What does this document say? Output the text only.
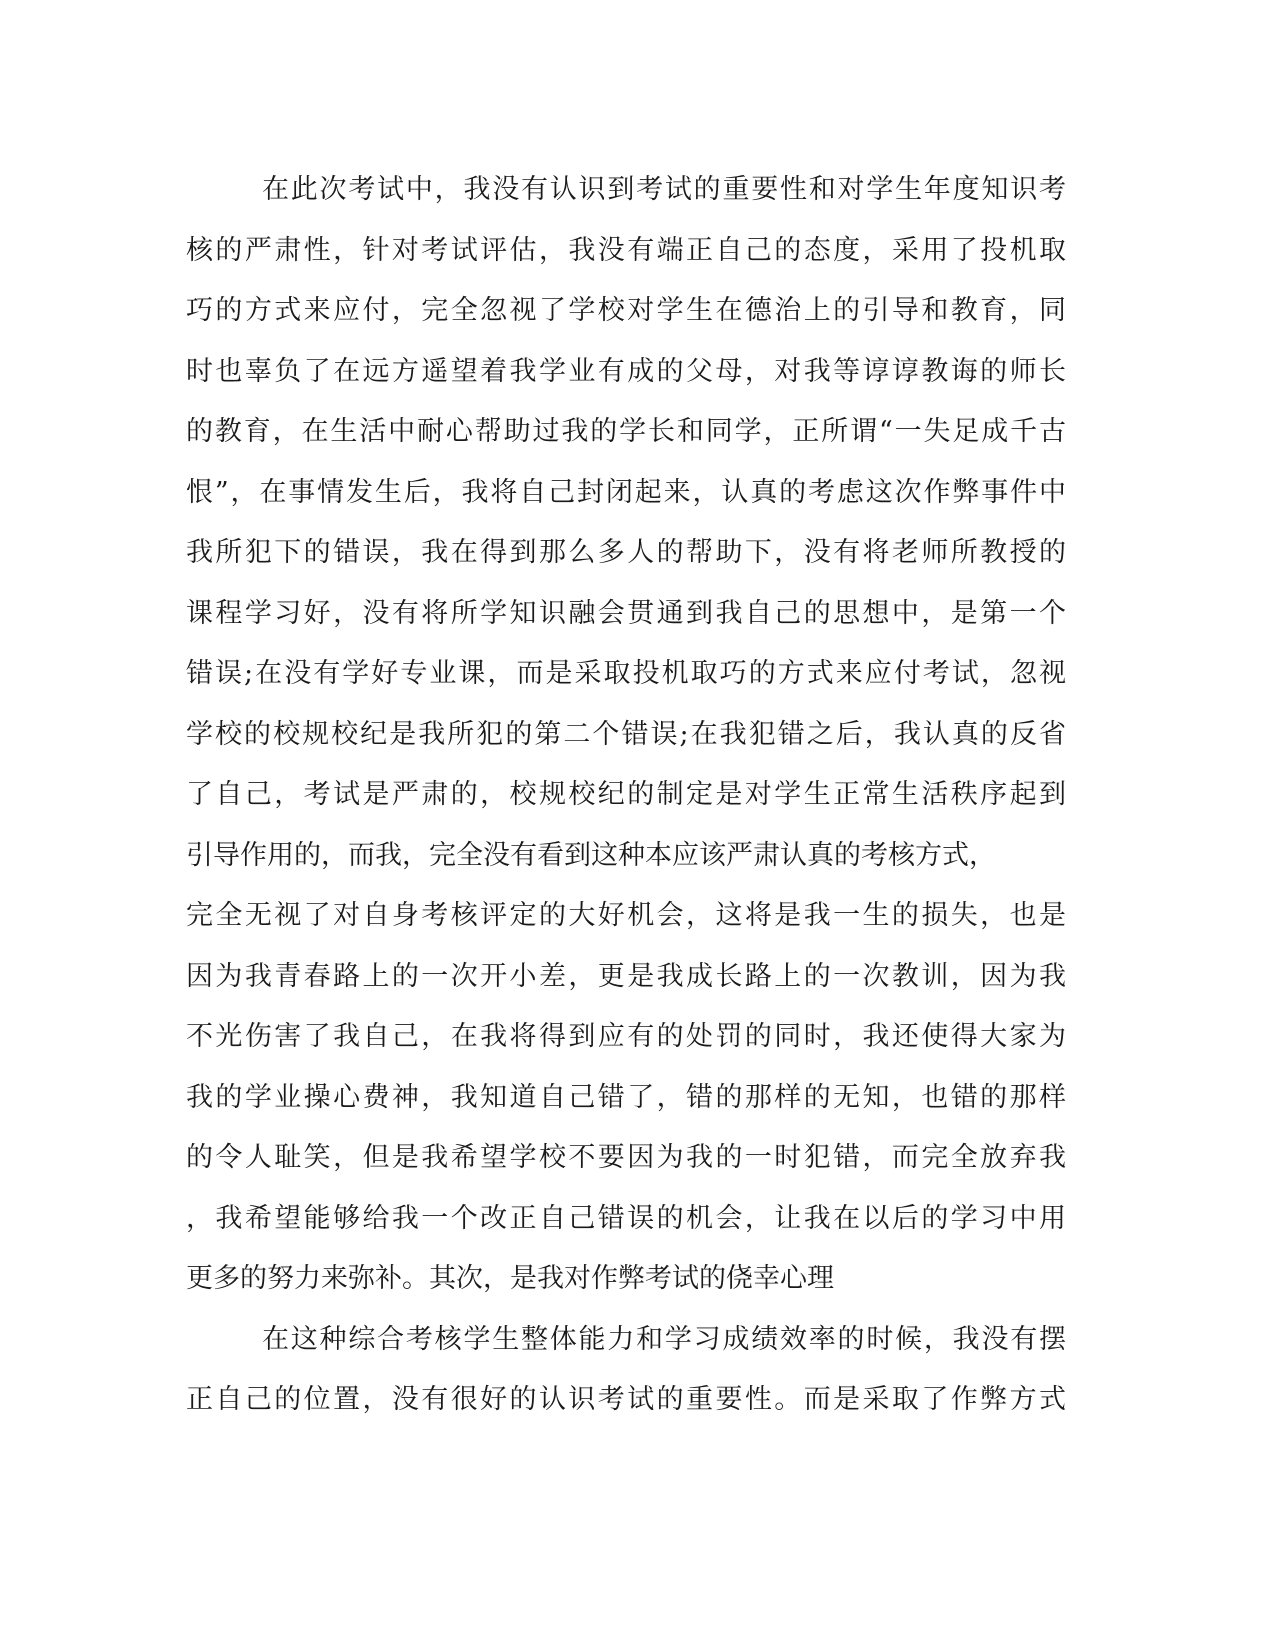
在此次考试中，我没有认识到考试的重要性和对学生年度知识考
核的严肃性，针对考试评估，我没有端正自己的态度，采用了投机取
巧的方式来应付，完全忽视了学校对学生在德治上的引导和教育，同
时也辜负了在远方遥望着我学业有成的父母，对我等谆谆教诲的师长
的教育，在生活中耐心帮助过我的学长和同学，正所谓“一失足成千古
恨”，在事情发生后，我将自己封闭起来，认真的考虑这次作弊事件中
我所犯下的错误，我在得到那么多人的帮助下，没有将老师所教授的
课程学习好，没有将所学知识融会贯通到我自己的思想中，是第一个
错误;在没有学好专业课，而是采取投机取巧的方式来应付考试，忽视
学校的校规校纪是我所犯的第二个错误;在我犯错之后，我认真的反省
了自己，考试是严肃的，校规校纪的制定是对学生正常生活秩序起到
引导作用的，而我，完全没有看到这种本应该严肃认真的考核方式，
完全无视了对自身考核评定的大好机会，这将是我一生的损失，也是
因为我青春路上的一次开小差，更是我成长路上的一次教训，因为我
不光伤害了我自己，在我将得到应有的处罚的同时，我还使得大家为
我的学业操心费神，我知道自己错了，错的那样的无知，也错的那样
的令人耻笑，但是我希望学校不要因为我的一时犯错，而完全放弃我
，我希望能够给我一个改正自己错误的机会，让我在以后的学习中用
更多的努力来弥补。其次，是我对作弊考试的侥幸心理
在这种综合考核学生整体能力和学习成绩效率的时候，我没有摆
正自己的位置，没有很好的认识考试的重要性。而是采取了作弊方式
